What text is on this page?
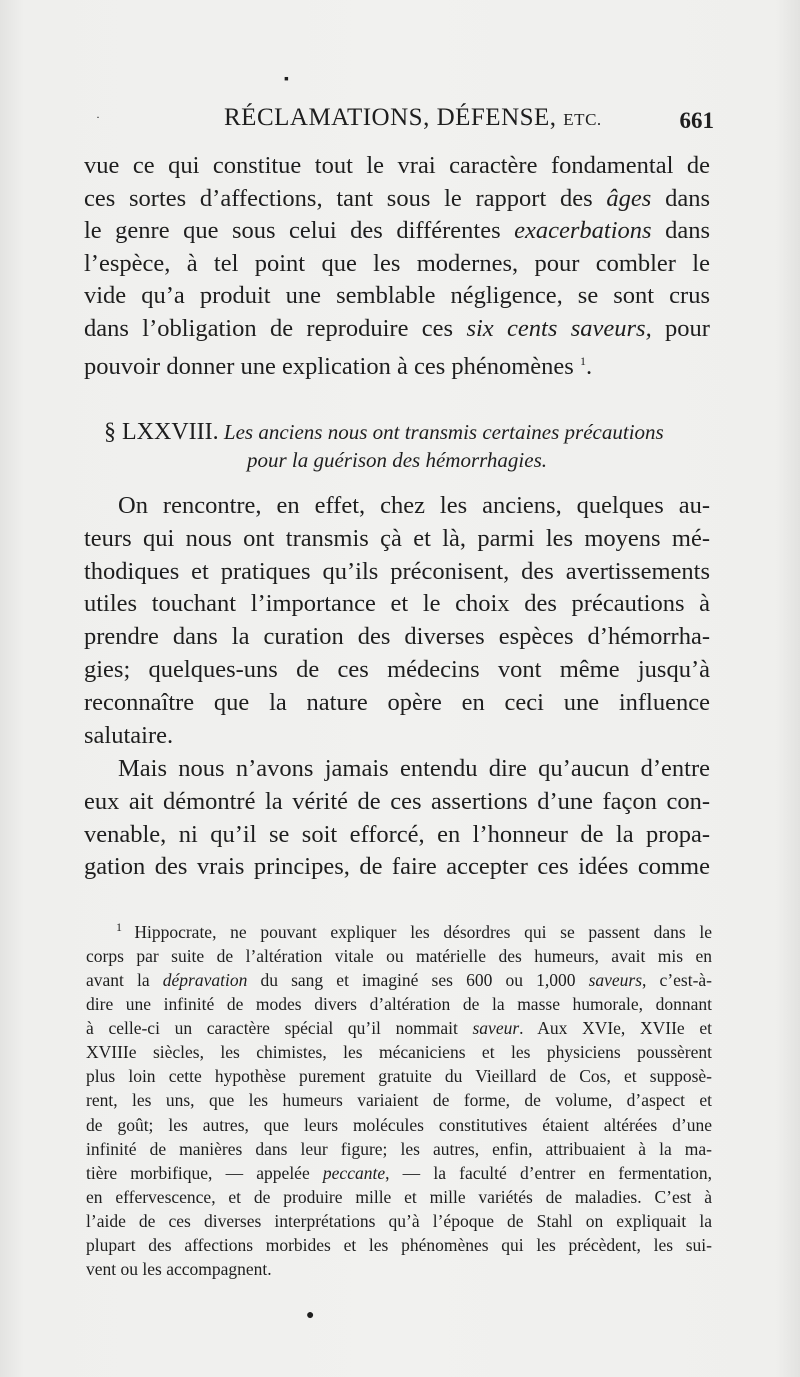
▪
·	RÉCLAMATIONS, DÉFENSE, ETC.	661
vue ce qui constitue tout le vrai caractère fondamental de
ces sortes d’affections, tant sous le rapport des âges dans
le genre que sous celui des différentes exacerbations dans
l’espèce, à tel point que les modernes, pour combler le
vide qu’a produit une semblable négligence, se sont crus
dans l’obligation de reproduire ces six cents saveurs, pour
pouvoir donner une explication à ces phénomènes $^1$.
§ LXXVIII. Les anciens nous ont transmis certaines précautions
pour la guérison des hémorrhagies.
On rencontre, en effet, chez les anciens, quelques au-
teurs qui nous ont transmis çà et là, parmi les moyens mé-
thodiques et pratiques qu’ils préconisent, des avertissements
utiles touchant l’importance et le choix des précautions à
prendre dans la curation des diverses espèces d’hémorrha-
gies; quelques-uns de ces médecins vont même jusqu’à
reconnaître que la nature opère en ceci une influence
salutaire.
Mais nous n’avons jamais entendu dire qu’aucun d’entre
eux ait démontré la vérité de ces assertions d’une façon con-
venable, ni qu’il se soit efforcé, en l’honneur de la propa-
gation des vrais principes, de faire accepter ces idées comme
$^1$ Hippocrate, ne pouvant expliquer les désordres qui se passent dans le
corps par suite de l’altération vitale ou matérielle des humeurs, avait mis en
avant la dépravation du sang et imaginé ses 600 ou 1,000 saveurs, c’est-à-
dire une infinité de modes divers d’altération de la masse humorale, donnant
à celle-ci un caractère spécial qu’il nommait saveur. Aux XVIe, XVIIe et
XVIIIe siècles, les chimistes, les mécaniciens et les physiciens poussèrent
plus loin cette hypothèse purement gratuite du Vieillard de Cos, et supposè-
rent, les uns, que les humeurs variaient de forme, de volume, d’aspect et
de goût; les autres, que leurs molécules constitutives étaient altérées d’une
infinité de manières dans leur figure; les autres, enfin, attribuaient à la ma-
tière morbifique, — appelée peccante, — la faculté d’entrer en fermentation,
en effervescence, et de produire mille et mille variétés de maladies. C’est à
l’aide de ces diverses interprétations qu’à l’époque de Stahl on expliquait la
plupart des affections morbides et les phénomènes qui les précèdent, les sui-
vent ou les accompagnent.
●
